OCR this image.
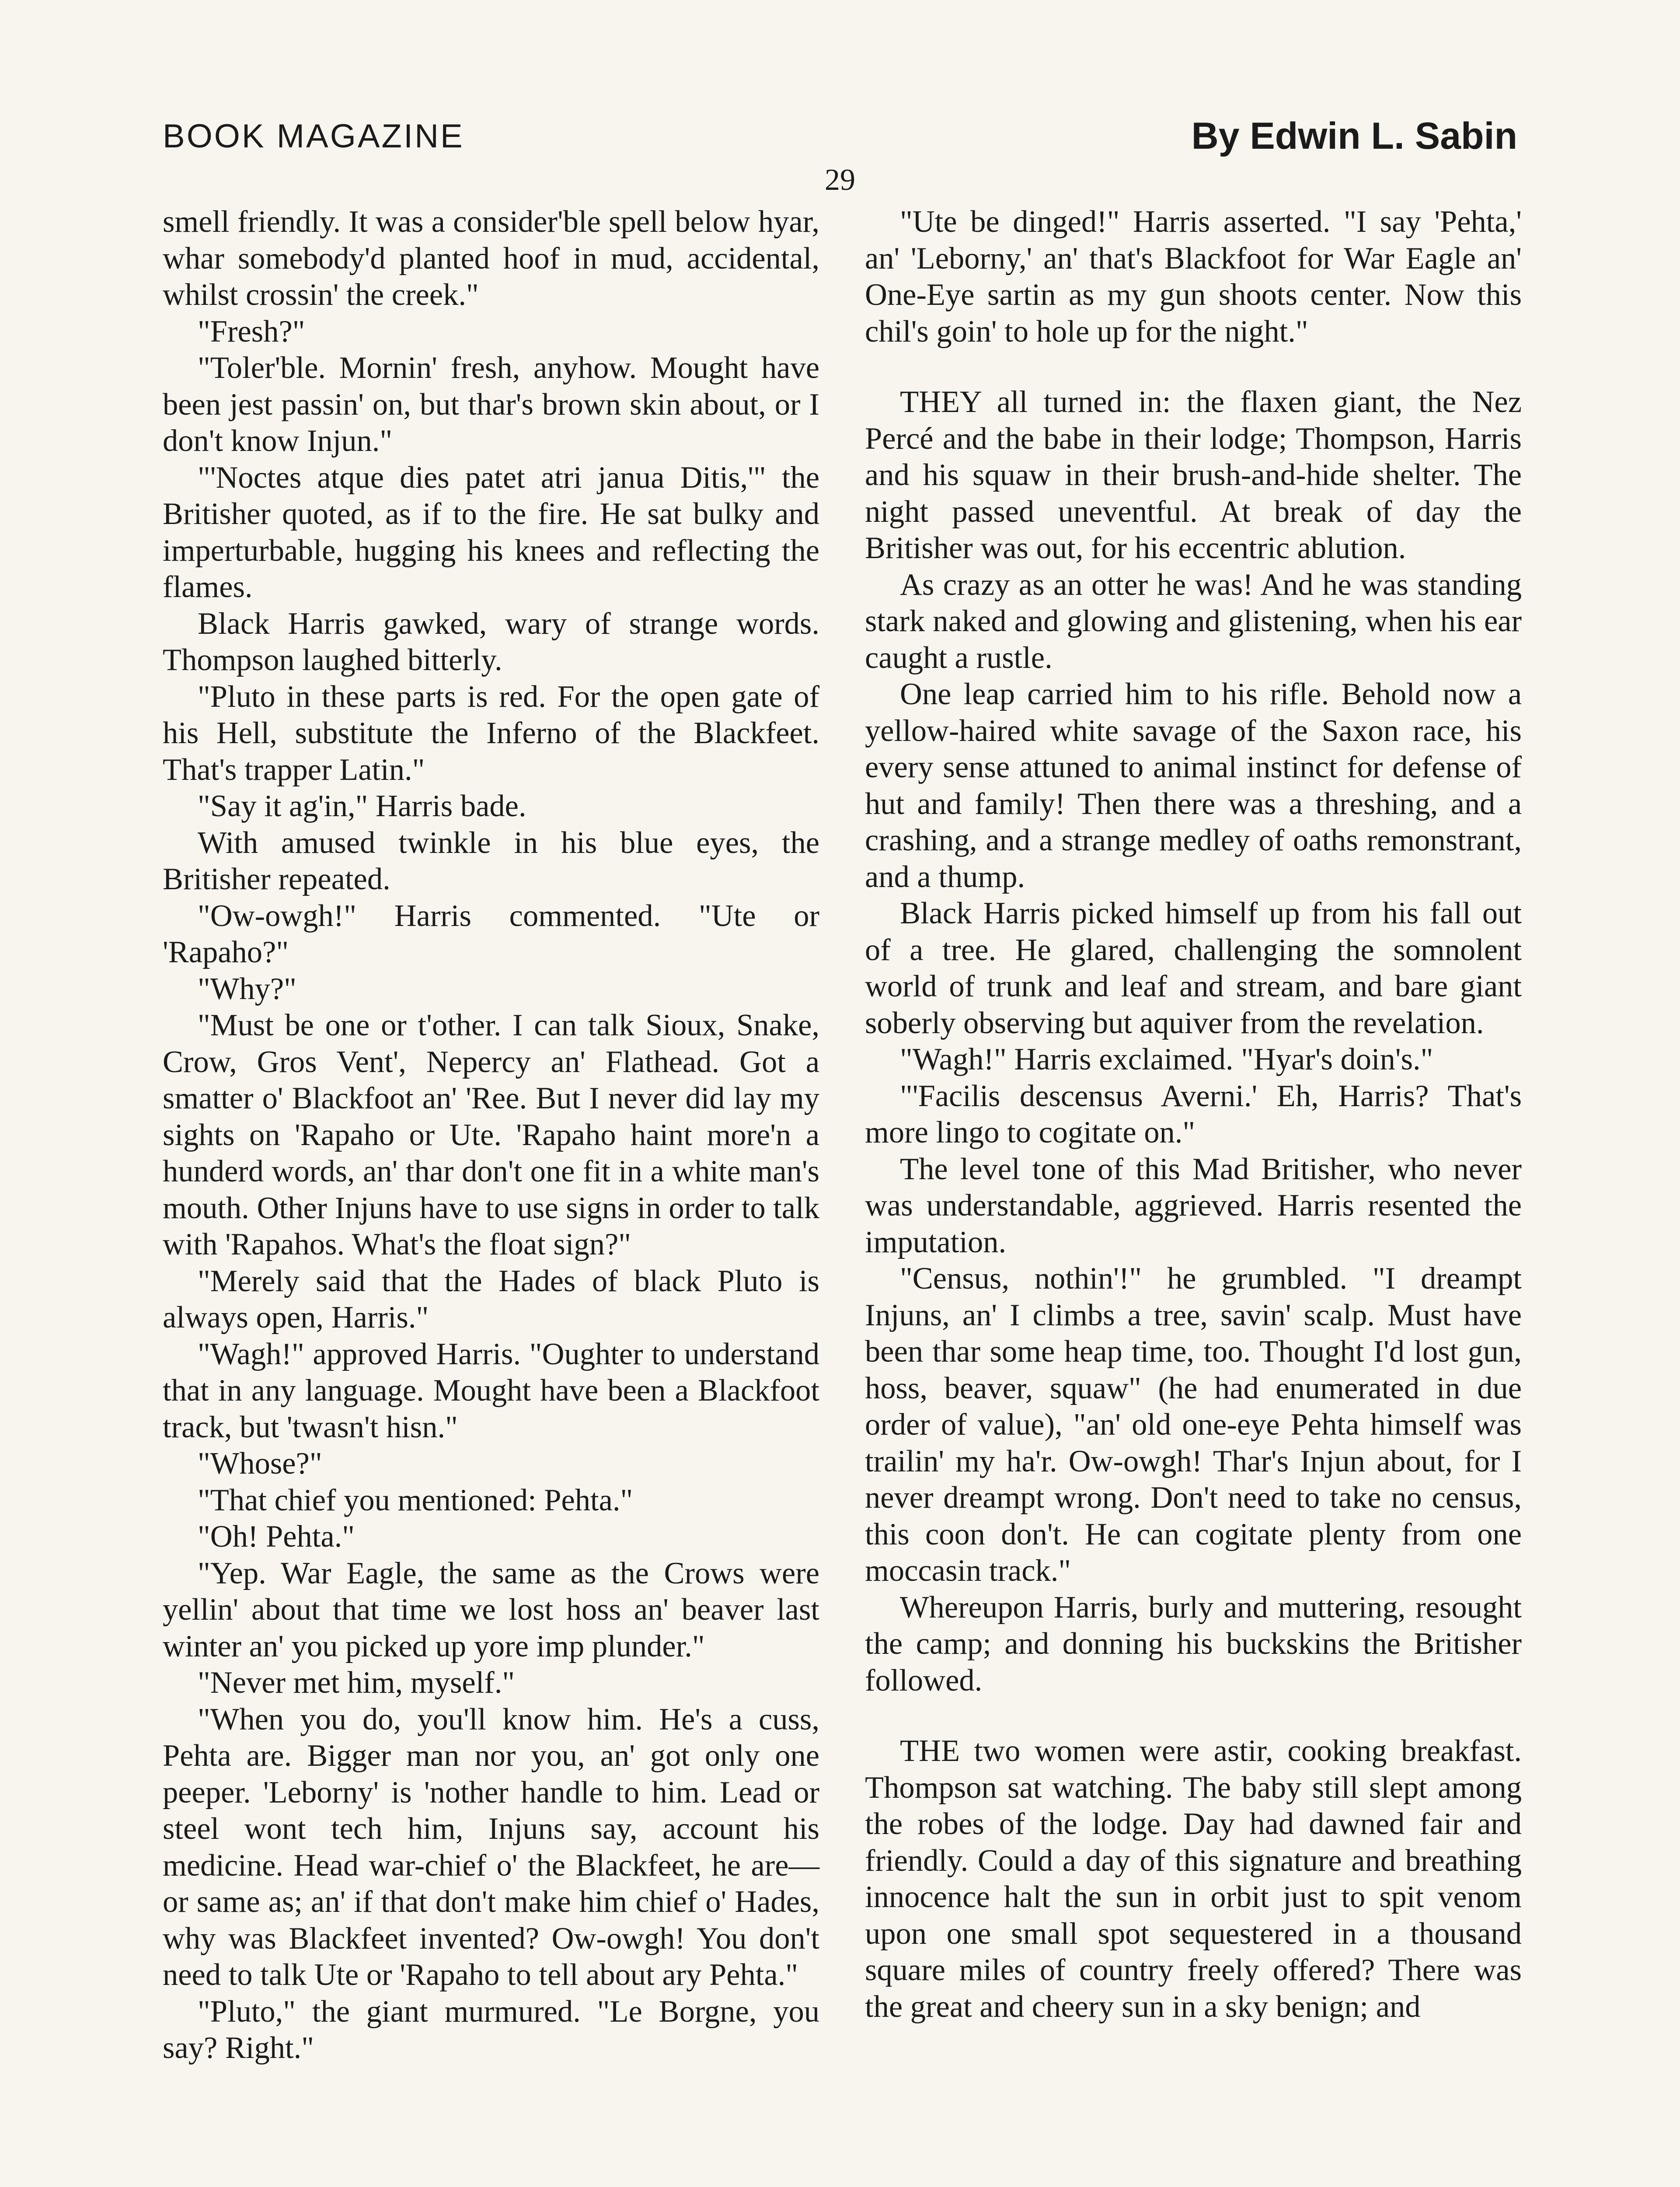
BOOK MAGAZINE	By Edwin L. Sabin
29

smell friendly. It was a consider'ble spell below hyar, whar somebody'd planted hoof in mud, accidental, whilst crossin' the creek."

"Fresh?"

"Toler'ble. Mornin' fresh, anyhow. Mought have been jest passin' on, but thar's brown skin about, or I don't know Injun."

"'Noctes atque dies patet atri janua Ditis,'" the Britisher quoted, as if to the fire. He sat bulky and imperturbable, hugging his knees and reflecting the flames.

Black Harris gawked, wary of strange words. Thompson laughed bitterly.

"Pluto in these parts is red. For the open gate of his Hell, substitute the Inferno of the Blackfeet. That's trapper Latin."

"Say it ag'in," Harris bade.

With amused twinkle in his blue eyes, the Britisher repeated.

"Ow-owgh!" Harris commented. "Ute or 'Rapaho?"

"Why?"

"Must be one or t'other. I can talk Sioux, Snake, Crow, Gros Vent', Nepercy an' Flathead. Got a smatter o' Blackfoot an' 'Ree. But I never did lay my sights on 'Rapaho or Ute. 'Rapaho haint more'n a hunderd words, an' thar don't one fit in a white man's mouth. Other Injuns have to use signs in order to talk with 'Rapahos. What's the float sign?"

"Merely said that the Hades of black Pluto is always open, Harris."

"Wagh!" approved Harris. "Oughter to understand that in any language. Mought have been a Blackfoot track, but 'twasn't hisn."

"Whose?"

"That chief you mentioned: Pehta."

"Oh! Pehta."

"Yep. War Eagle, the same as the Crows were yellin' about that time we lost hoss an' beaver last winter an' you picked up yore imp plunder."

"Never met him, myself."

"When you do, you'll know him. He's a cuss, Pehta are. Bigger man nor you, an' got only one peeper. 'Leborny' is 'nother handle to him. Lead or steel wont tech him, Injuns say, account his medicine. Head war-chief o' the Blackfeet, he are— or same as; an' if that don't make him chief o' Hades, why was Blackfeet invented? Ow-owgh! You don't need to talk Ute or 'Rapaho to tell about ary Pehta."

"Pluto," the giant murmured. "Le Borgne, you say? Right."

"Ute be dinged!" Harris asserted. "I say 'Pehta,' an' 'Leborny,' an' that's Blackfoot for War Eagle an' One-Eye sartin as my gun shoots center. Now this chil's goin' to hole up for the night."

THEY all turned in: the flaxen giant, the Nez Percé and the babe in their lodge; Thompson, Harris and his squaw in their brush-and-hide shelter. The night passed uneventful. At break of day the Britisher was out, for his eccentric ablution.

As crazy as an otter he was! And he was standing stark naked and glowing and glistening, when his ear caught a rustle.

One leap carried him to his rifle. Behold now a yellow-haired white savage of the Saxon race, his every sense attuned to animal instinct for defense of hut and family! Then there was a threshing, and a crashing, and a strange medley of oaths remonstrant, and a thump.

Black Harris picked himself up from his fall out of a tree. He glared, challenging the somnolent world of trunk and leaf and stream, and bare giant soberly observing but aquiver from the revelation.

"Wagh!" Harris exclaimed. "Hyar's doin's."

"'Facilis descensus Averni.' Eh, Harris? That's more lingo to cogitate on."

The level tone of this Mad Britisher, who never was understandable, aggrieved. Harris resented the imputation.

"Census, nothin'!" he grumbled. "I dreampt Injuns, an' I climbs a tree, savin' scalp. Must have been thar some heap time, too. Thought I'd lost gun, hoss, beaver, squaw" (he had enumerated in due order of value), "an' old one-eye Pehta himself was trailin' my ha'r. Ow-owgh! Thar's Injun about, for I never dreampt wrong. Don't need to take no census, this coon don't. He can cogitate plenty from one moccasin track."

Whereupon Harris, burly and muttering, resought the camp; and donning his buckskins the Britisher followed.

THE two women were astir, cooking breakfast. Thompson sat watching. The baby still slept among the robes of the lodge. Day had dawned fair and friendly. Could a day of this signature and breathing innocence halt the sun in orbit just to spit venom upon one small spot sequestered in a thousand square miles of country freely offered? There was the great and cheery sun in a sky benign; and
